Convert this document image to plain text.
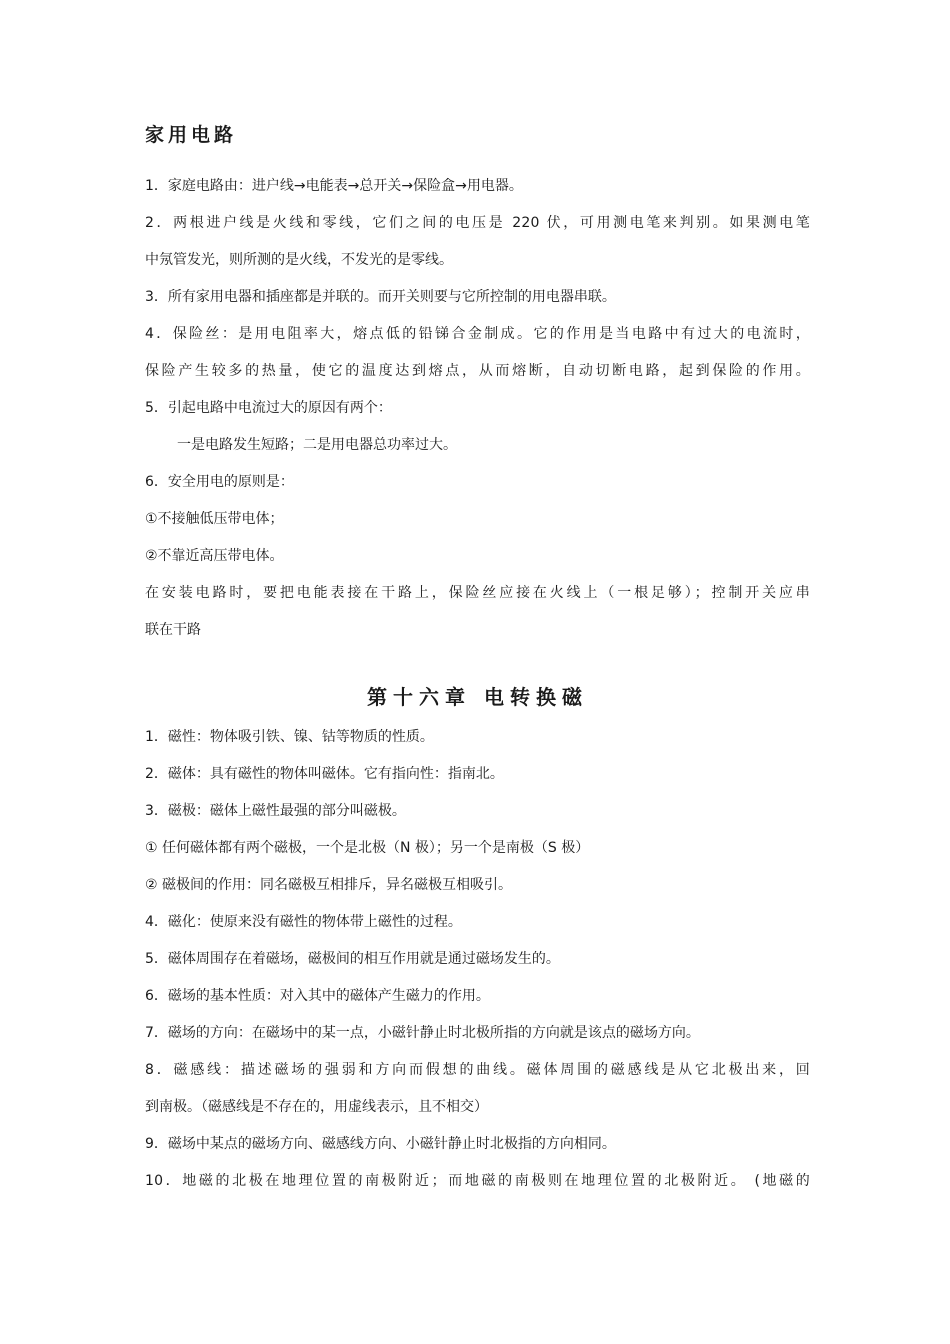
家用电路

1．家庭电路由：进户线→电能表→总开关→保险盒→用电器。

2．两根进户线是火线和零线，它们之间的电压是 220 伏，可用测电笔来判别。如果测电笔

中氖管发光，则所测的是火线，不发光的是零线。

3．所有家用电器和插座都是并联的。而开关则要与它所控制的用电器串联。

4．保险丝：是用电阻率大，熔点低的铅锑合金制成。它的作用是当电路中有过大的电流时，

保险产生较多的热量，使它的温度达到熔点，从而熔断，自动切断电路，起到保险的作用。

5．引起电路中电流过大的原因有两个：

一是电路发生短路；二是用电器总功率过大。

6．安全用电的原则是：

①不接触低压带电体；

②不靠近高压带电体。

在安装电路时，要把电能表接在干路上，保险丝应接在火线上（一根足够）；控制开关应串

联在干路

第十六章 电转换磁

1．磁性：物体吸引铁、镍、钴等物质的性质。

2．磁体：具有磁性的物体叫磁体。它有指向性：指南北。

3．磁极：磁体上磁性最强的部分叫磁极。

① 任何磁体都有两个磁极，一个是北极（N 极）；另一个是南极（S 极）

② 磁极间的作用：同名磁极互相排斥，异名磁极互相吸引。

4．磁化：使原来没有磁性的物体带上磁性的过程。

5．磁体周围存在着磁场，磁极间的相互作用就是通过磁场发生的。

6．磁场的基本性质：对入其中的磁体产生磁力的作用。

7．磁场的方向：在磁场中的某一点，小磁针静止时北极所指的方向就是该点的磁场方向。

8．磁感线：描述磁场的强弱和方向而假想的曲线。磁体周围的磁感线是从它北极出来，回

到南极。（磁感线是不存在的，用虚线表示，且不相交）

9．磁场中某点的磁场方向、磁感线方向、小磁针静止时北极指的方向相同。

10．地磁的北极在地理位置的南极附近；而地磁的南极则在地理位置的北极附近。 (地磁的
